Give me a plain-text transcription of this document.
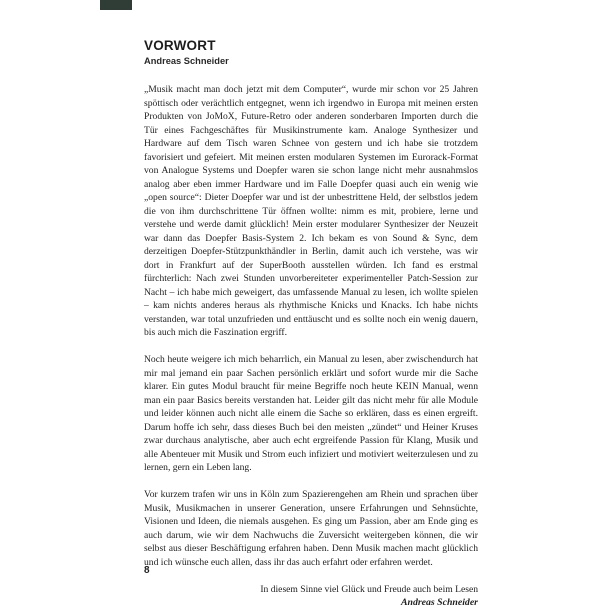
VORWORT
Andreas Schneider

„Musik macht man doch jetzt mit dem Computer“, wurde mir schon vor 25 Jahren spöttisch oder verächtlich entgegnet, wenn ich irgendwo in Europa mit meinen ersten Produkten von JoMoX, Future-Retro oder anderen sonderbaren Importen durch die Tür eines Fachgeschäftes für Musikinstrumente kam. Analoge Synthesizer und Hardware auf dem Tisch waren Schnee von gestern und ich habe sie trotzdem favorisiert und gefeiert. Mit meinen ersten modularen Systemen im Eurorack-Format von Analogue Systems und Doepfer waren sie schon lange nicht mehr ausnahmslos analog aber eben immer Hardware und im Falle Doepfer quasi auch ein wenig wie „open source“: Dieter Doepfer war und ist der unbestrittene Held, der selbstlos jedem die von ihm durchschrittene Tür öffnen wollte: nimm es mit, probiere, lerne und verstehe und werde damit glücklich! Mein erster modularer Synthesizer der Neuzeit war dann das Doepfer Basis-System 2. Ich bekam es von Sound & Sync, dem derzeitigen Doepfer-Stützpunkthändler in Berlin, damit auch ich verstehe, was wir dort in Frankfurt auf der SuperBooth ausstellen würden. Ich fand es erstmal fürchterlich: Nach zwei Stunden unvorbereiteter experimenteller Patch-Session zur Nacht – ich habe mich geweigert, das umfassende Manual zu lesen, ich wollte spielen – kam nichts anderes heraus als rhythmische Knicks und Knacks. Ich habe nichts verstanden, war total unzufrieden und enttäuscht und es sollte noch ein wenig dauern, bis auch mich die Faszination ergriff.

Noch heute weigere ich mich beharrlich, ein Manual zu lesen, aber zwischendurch hat mir mal jemand ein paar Sachen persönlich erklärt und sofort wurde mir die Sache klarer. Ein gutes Modul braucht für meine Begriffe noch heute KEIN Manual, wenn man ein paar Basics bereits verstanden hat. Leider gilt das nicht mehr für alle Module und leider können auch nicht alle einem die Sache so erklären, dass es einen ergreift. Darum hoffe ich sehr, dass dieses Buch bei den meisten „zündet“ und Heiner Kruses zwar durchaus analytische, aber auch echt ergreifende Passion für Klang, Musik und alle Abenteuer mit Musik und Strom euch infiziert und motiviert weiterzulesen und zu lernen, gern ein Leben lang.

Vor kurzem trafen wir uns in Köln zum Spazierengehen am Rhein und sprachen über Musik, Musikmachen in unserer Generation, unsere Erfahrungen und Sehnsüchte, Visionen und Ideen, die niemals ausgehen. Es ging um Passion, aber am Ende ging es auch darum, wie wir dem Nachwuchs die Zuversicht weitergeben können, die wir selbst aus dieser Beschäftigung erfahren haben. Denn Musik machen macht glücklich und ich wünsche euch allen, dass ihr das auch erfahrt oder erfahren werdet.

In diesem Sinne viel Glück und Freude auch beim Lesen
Andreas Schneider
8
